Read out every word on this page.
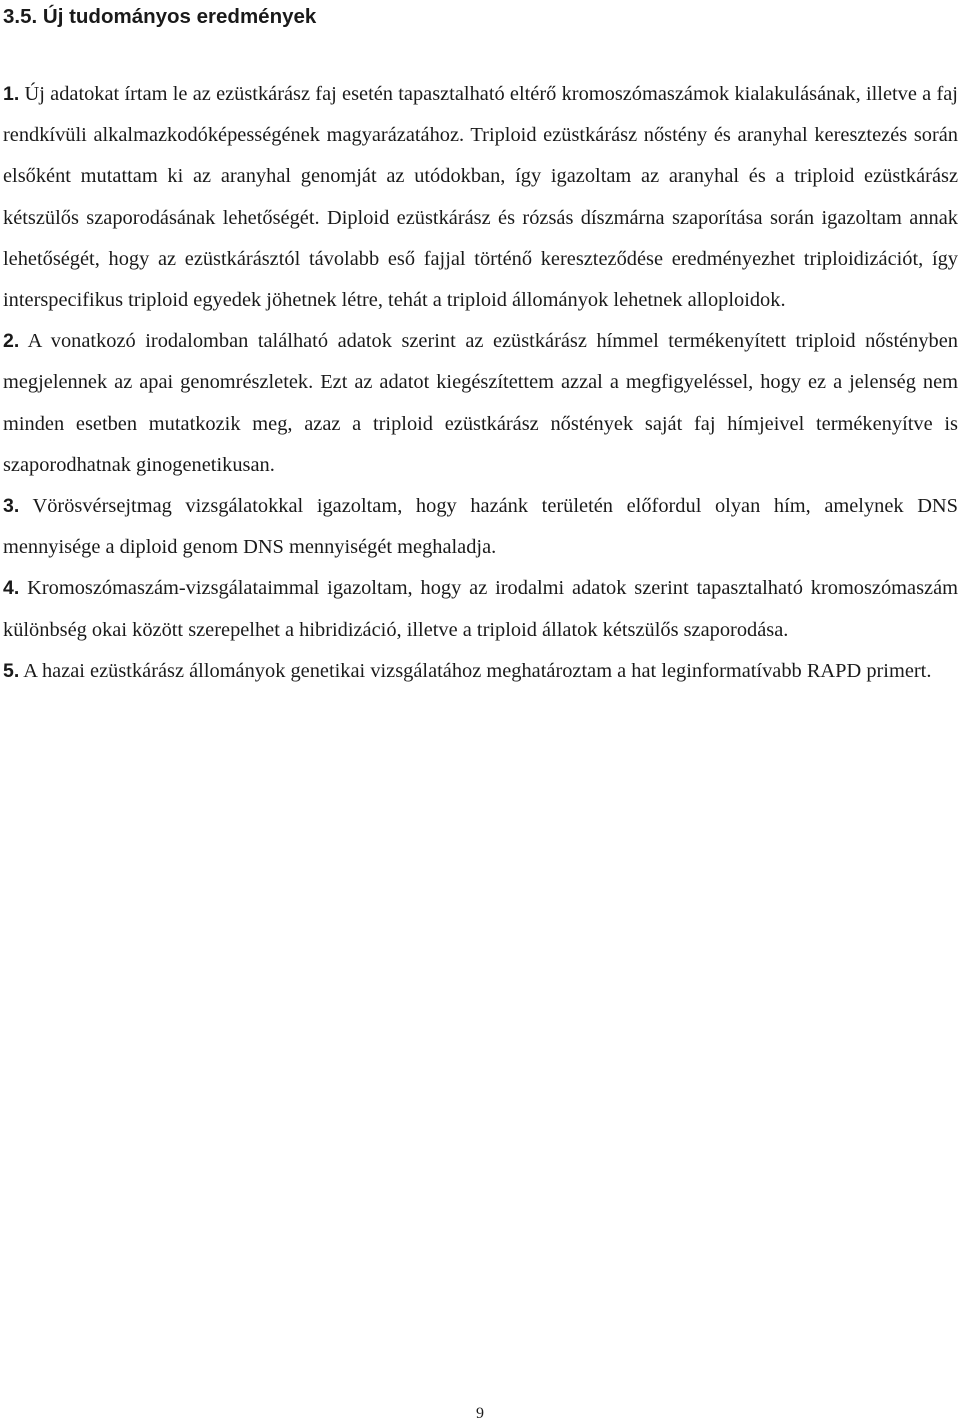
3.5. Új tudományos eredmények

1. Új adatokat írtam le az ezüstkárász faj esetén tapasztalható eltérő kromoszómaszámok kialakulásának, illetve a faj rendkívüli alkalmazkodóképességének magyarázatához. Triploid ezüstkárász nőstény és aranyhal keresztezés során elsőként mutattam ki az aranyhal genomját az utódokban, így igazoltam az aranyhal és a triploid ezüstkárász kétszülős szaporodásának lehetőségét. Diploid ezüstkárász és rózsás díszmárna szaporítása során igazoltam annak lehetőségét, hogy az ezüstkárásztól távolabb eső fajjal történő kereszteződése eredményezhet triploidizációt, így interspecifikus triploid egyedek jöhetnek létre, tehát a triploid állományok lehetnek alloploidok.

2. A vonatkozó irodalomban található adatok szerint az ezüstkárász hímmel termékenyített triploid nőstényben megjelennek az apai genomrészletek. Ezt az adatot kiegészítettem azzal a megfigyeléssel, hogy ez a jelenség nem minden esetben mutatkozik meg, azaz a triploid ezüstkárász nőstények saját faj hímjeivel termékenyítve is szaporodhatnak ginogenetikusan.

3. Vörösvérsejtmag vizsgálatokkal igazoltam, hogy hazánk területén előfordul olyan hím, amelynek DNS mennyisége a diploid genom DNS mennyiségét meghaladja.

4. Kromoszómaszám-vizsgálataimmal igazoltam, hogy az irodalmi adatok szerint tapasztalható kromoszómaszám különbség okai között szerepelhet a hibridizáció, illetve a triploid állatok kétszülős szaporodása.

5. A hazai ezüstkárász állományok genetikai vizsgálatához meghatároztam a hat leginformatívabb RAPD primert.

9
